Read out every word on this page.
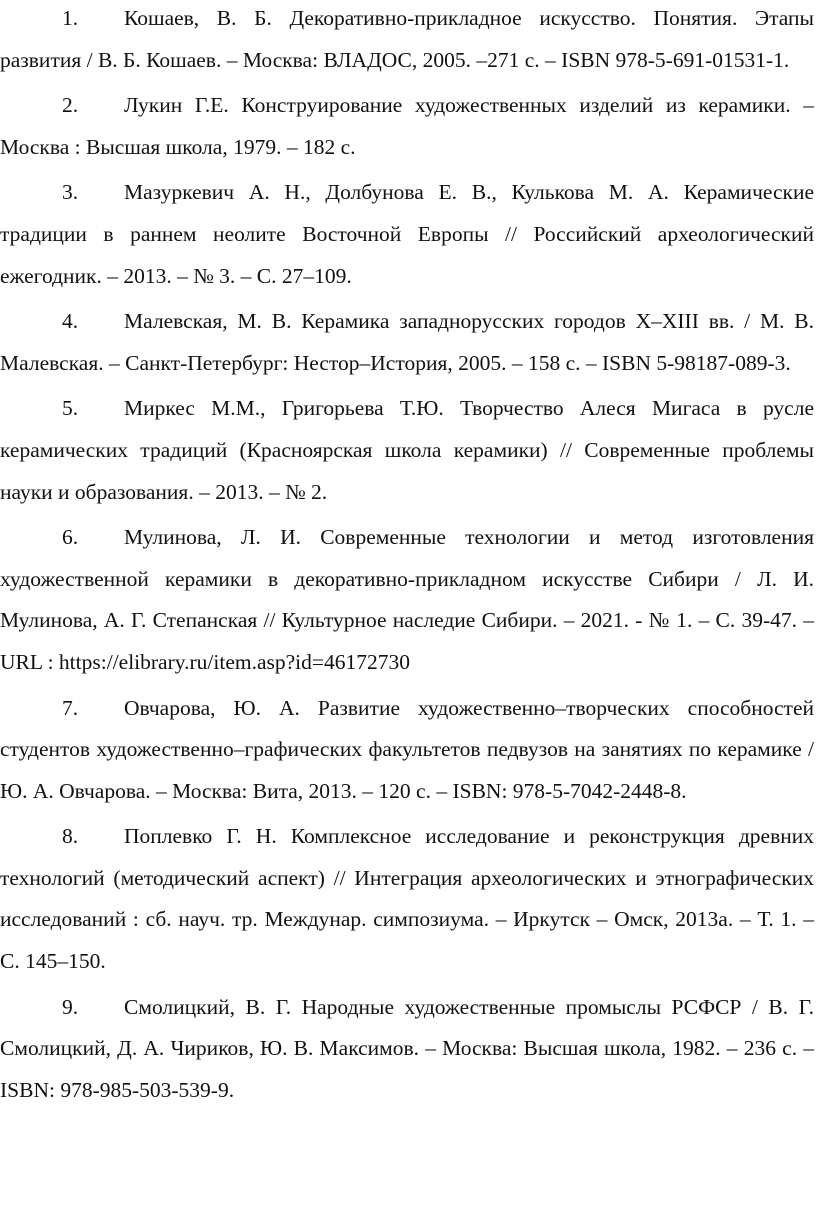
1. Кошаев, В. Б. Декоративно-прикладное искусство. Понятия. Этапы развития / В. Б. Кошаев. – Москва: ВЛАДОС, 2005. –271 с. – ISBN 978-5-691-01531-1.
2. Лукин Г.Е. Конструирование художественных изделий из керамики. – Москва : Высшая школа, 1979. – 182 с.
3. Мазуркевич А. Н., Долбунова Е. В., Кулькова М. А. Керамические традиции в раннем неолите Восточной Европы // Российский археологический ежегодник. – 2013. – № 3. – С. 27–109.
4. Малевская, М. В. Керамика западнорусских городов Х–XIII вв. / М. В. Малевская. – Санкт-Петербург: Нестор–История, 2005. – 158 с. – ISBN 5-98187-089-3.
5. Миркес М.М., Григорьева Т.Ю. Творчество Алеся Мигаса в русле керамических традиций (Красноярская школа керамики) // Современные проблемы науки и образования. – 2013. – № 2.
6. Мулинова, Л. И. Современные технологии и метод изготовления художественной керамики в декоративно-прикладном искусстве Сибири / Л. И. Мулинова, А. Г. Степанская // Культурное наследие Сибири. – 2021. - № 1. – С. 39-47. – URL : https://elibrary.ru/item.asp?id=46172730
7. Овчарова, Ю. А. Развитие художественно–творческих способностей студентов художественно–графических факультетов педвузов на занятиях по керамике / Ю. А. Овчарова. – Москва: Вита, 2013. – 120 с. – ISBN: 978-5-7042-2448-8.
8. Поплевко Г. Н. Комплексное исследование и реконструкция древних технологий (методический аспект) // Интеграция археологических и этнографических исследований : сб. науч. тр. Междунар. симпозиума. – Иркутск – Омск, 2013а. – Т. 1. – С. 145–150.
9. Смолицкий, В. Г. Народные художественные промыслы РСФСР / В. Г. Смолицкий, Д. А. Чириков, Ю. В. Максимов. – Москва: Высшая школа, 1982. – 236 с. – ISBN: 978-985-503-539-9.
